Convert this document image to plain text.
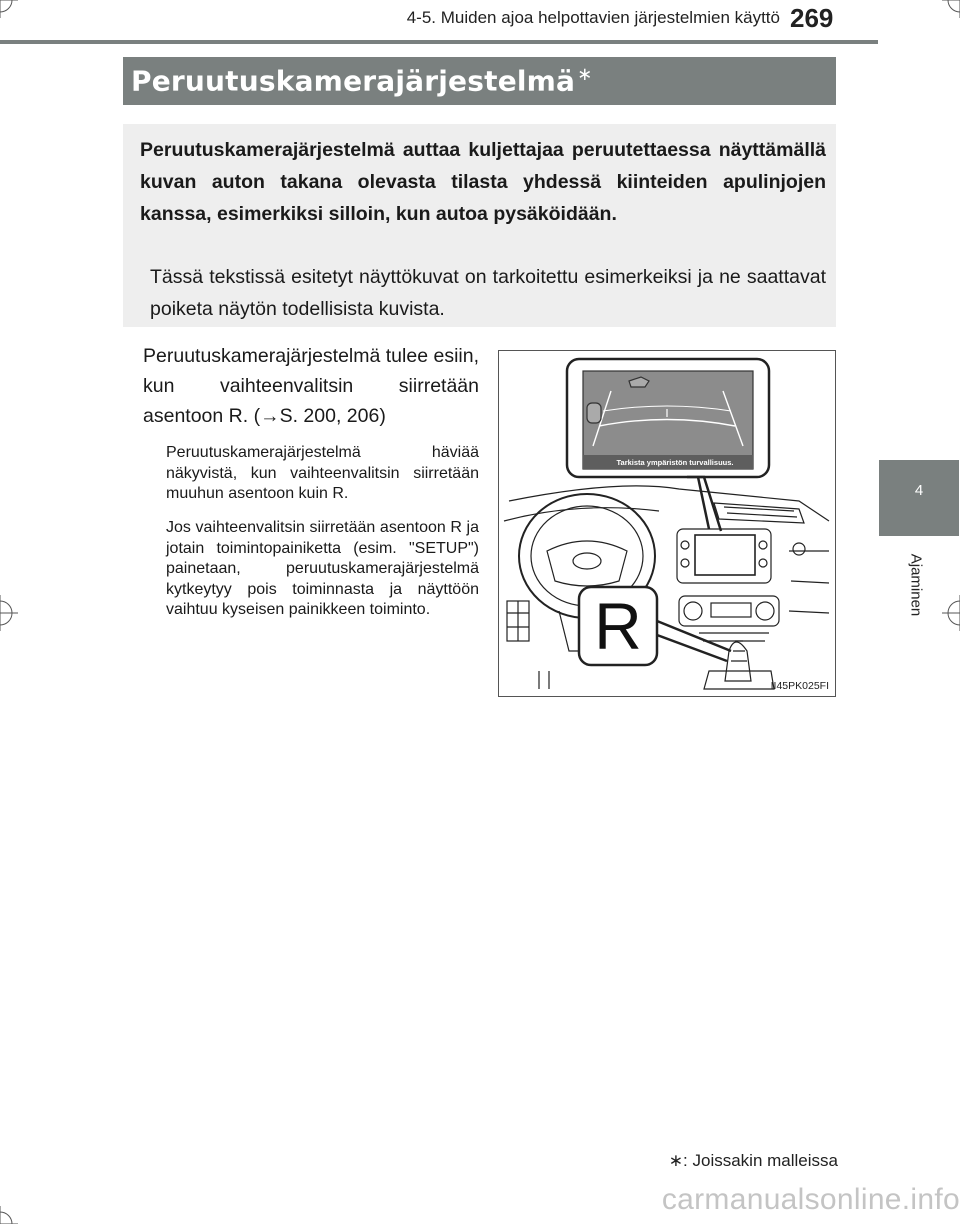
4-5. Muiden ajoa helpottavien järjestelmien käyttö 269
4
Ajaminen
Peruutuskamerajärjestelmä ∗
Peruutuskamerajärjestelmä auttaa kuljettajaa peruutettaessa näyttämällä kuvan auton takana olevasta tilasta yhdessä kiinteiden apulinjojen kanssa, esimerkiksi silloin, kun autoa pysäköidään.
Tässä tekstissä esitetyt näyttökuvat on tarkoitettu esimerkeiksi ja ne saattavat poiketa näytön todellisista kuvista.
Peruutuskamerajärjestelmä tulee esiin, kun vaihteenvalitsin siirretään asentoon R. (→S. 200, 206)
Peruutuskamerajärjestelmä häviää näkyvistä, kun vaihteenvalitsin siirretään muuhun asentoon kuin R.
Jos vaihteenvalitsin siirretään asentoon R ja jotain toimintopainiketta (esim. "SETUP") painetaan, peruutuskamerajärjestelmä kytkeytyy pois toiminnasta ja näyttöön vaihtuu kyseisen painikkeen toiminto.
Tarkista ympäristön turvallisuus.
R
II45PK025FI
∗: Joissakin malleissa
carmanualsonline.info
